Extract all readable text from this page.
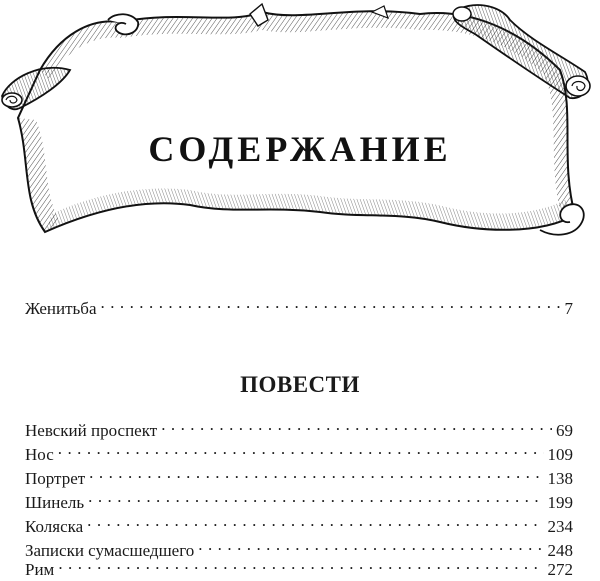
СОДЕРЖАНИЕ
Женитьба . . .	7
ПОВЕСТИ
Невский проспект . . .	69
Нос . . .	109
Портрет . . .	138
Шинель . . .	199
Коляска . . .	234
Записки сумасшедшего . . .	248
Рим . . .	272
